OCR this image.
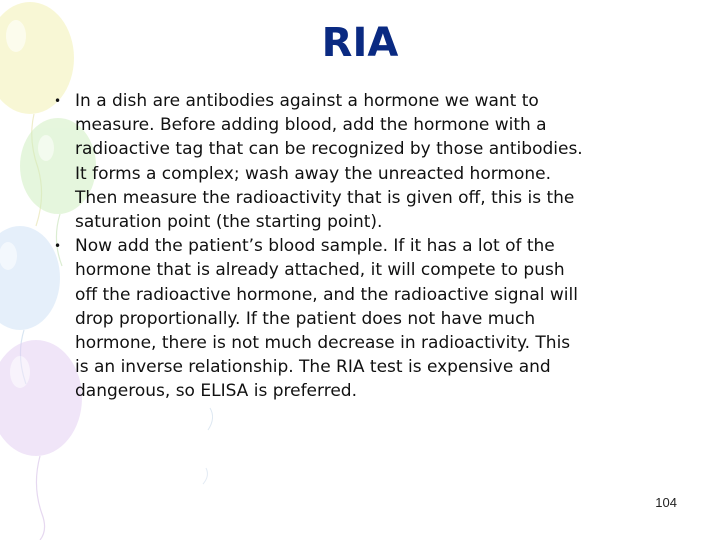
RIA
• In a dish are antibodies against a hormone we want to
measure. Before adding blood, add the hormone with a
radioactive tag that can be recognized by those antibodies.
It forms a complex; wash away the unreacted hormone.
Then measure the radioactivity that is given off, this is the
saturation point (the starting point).
• Now add the patient’s blood sample. If it has a lot of the
hormone that is already attached, it will compete to push
off the radioactive hormone, and the radioactive signal will
drop proportionally. If the patient does not have much
hormone, there is not much decrease in radioactivity. This
is an inverse relationship. The RIA test is expensive and
dangerous, so ELISA is preferred.
104
